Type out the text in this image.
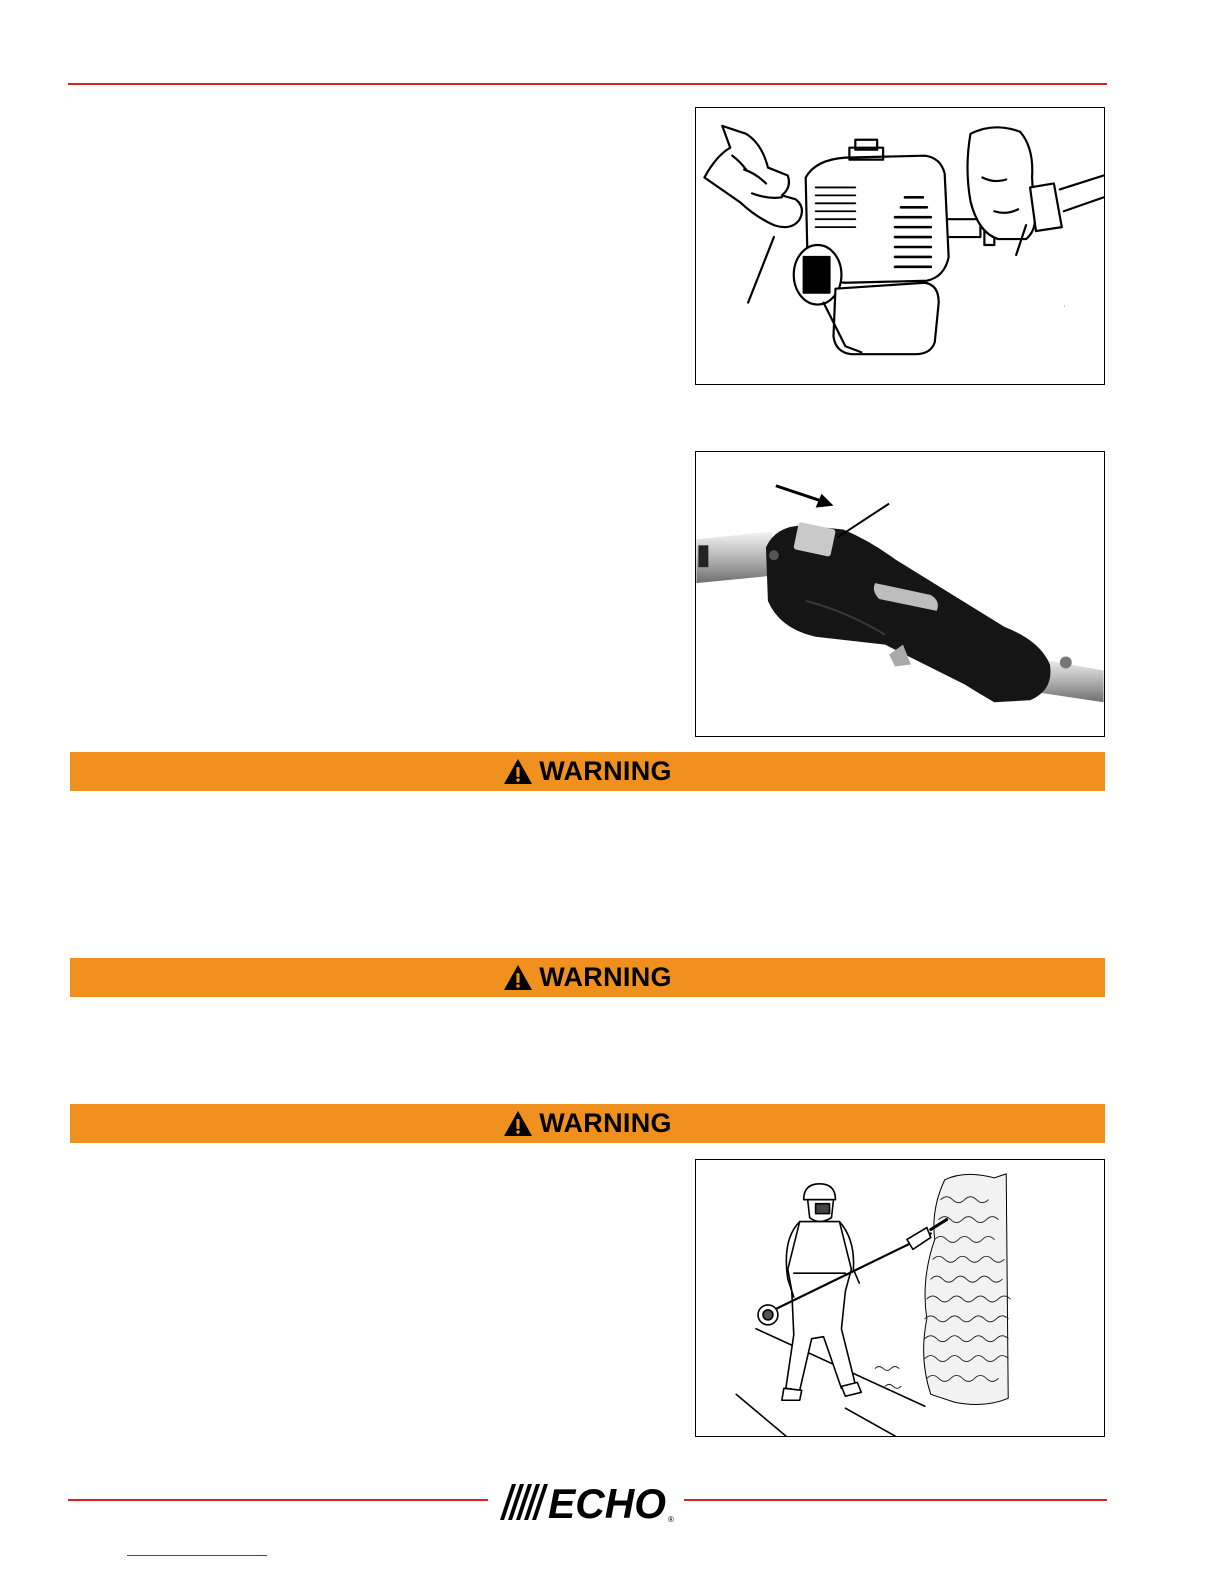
.
WARNING
WARNING
WARNING
ECHO ®
